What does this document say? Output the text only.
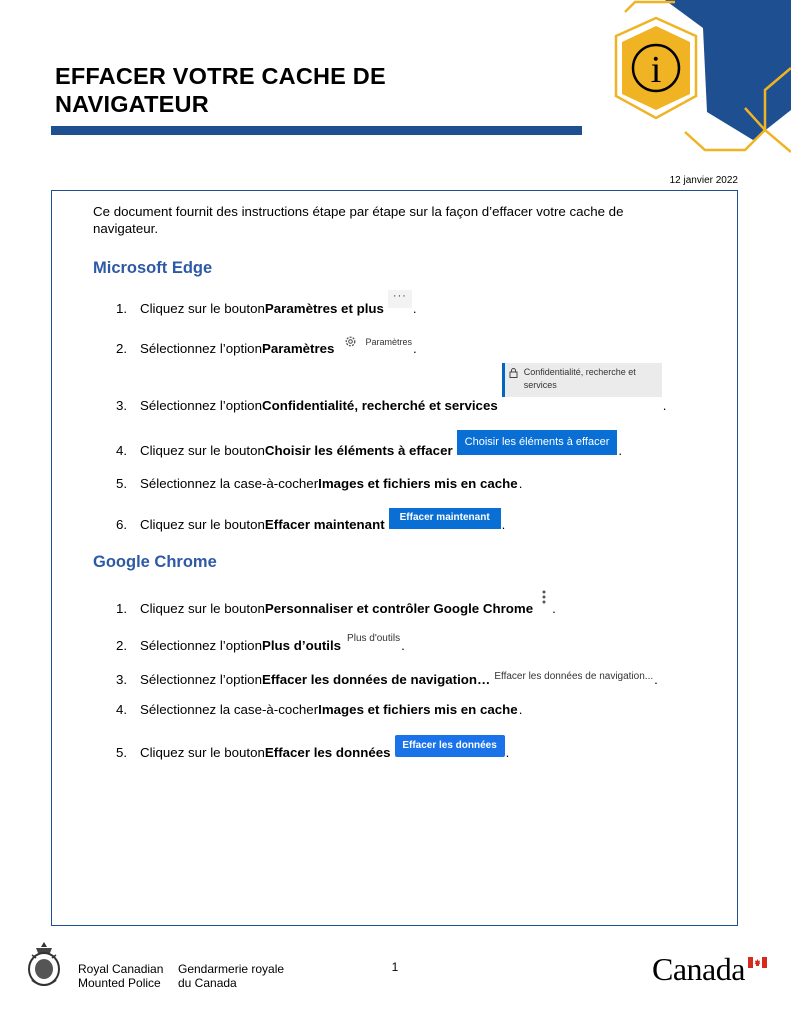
EFFACER VOTRE CACHE DE
NAVIGATEUR
i
12 janvier 2022

Ce document fournit des instructions étape par étape sur la façon d’effacer votre cache de navigateur.

Microsoft Edge
1. Cliquez sur le bouton Paramètres et plus
···
.
2. Sélectionnez l’option Paramètres	Paramètres .
3. Sélectionnez l’option Confidentialité, recherché et services
Confidentialité, recherche et services
.
4. Cliquez sur le bouton Choisir les éléments à effacer
Choisir les éléments à effacer
.
5. Sélectionnez la case-à-cocher Images et fichiers mis en cache .
6. Cliquez sur le bouton Effacer maintenant	Effacer maintenant .
Google Chrome
1. Cliquez sur le bouton Personnaliser et contrôler Google Chrome .
2. Sélectionnez l’option Plus d’outils Plus d'outils .
3. Sélectionnez l’option Effacer les données de navigation… Effacer les données de navigation... .
4. Sélectionnez la case-à-cocher Images et fichiers mis en cache .
5. Cliquez sur le bouton Effacer les données	Effacer les données .
Royal Canadian
Mounted Police
Gendarmerie royale
du Canada
1	Canada
